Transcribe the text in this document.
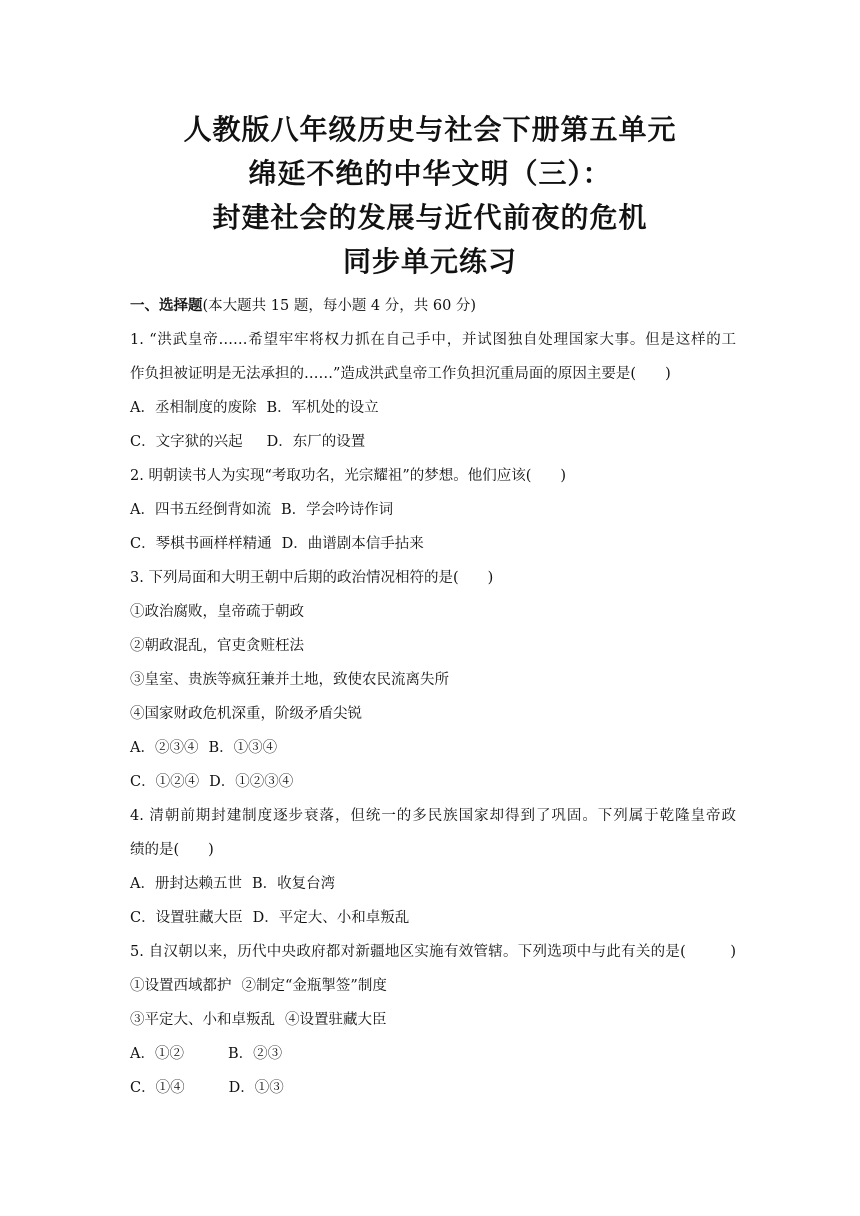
人教版八年级历史与社会下册第五单元
绵延不绝的中华文明（三）：
封建社会的发展与近代前夜的危机
同步单元练习
一、选择题(本大题共 15 题，每小题 4 分，共 60 分)
1. “洪武皇帝……希望牢牢将权力抓在自己手中，并试图独自处理国家大事。但是这样的工
作负担被证明是无法承担的……”造成洪武皇帝工作负担沉重局面的原因主要是(　　)
A．丞相制度的废除 B．军机处的设立
C．文字狱的兴起 D．东厂的设置
2. 明朝读书人为实现“考取功名，光宗耀祖”的梦想。他们应该(　　)
A．四书五经倒背如流 B．学会吟诗作词
C．琴棋书画样样精通 D．曲谱剧本信手拈来
3. 下列局面和大明王朝中后期的政治情况相符的是(　　)
①政治腐败，皇帝疏于朝政
②朝政混乱，官吏贪赃枉法
③皇室、贵族等疯狂兼并土地，致使农民流离失所
④国家财政危机深重，阶级矛盾尖锐
A．②③④ B．①③④
C．①②④ D．①②③④
4. 清朝前期封建制度逐步衰落，但统一的多民族国家却得到了巩固。下列属于乾隆皇帝政
绩的是(　　)
A．册封达赖五世 B．收复台湾
C．设置驻藏大臣 D．平定大、小和卓叛乱
5. 自汉朝以来，历代中央政府都对新疆地区实施有效管辖。下列选项中与此有关的是(　　　)
①设置西域都护 ②制定“金瓶掣签”制度
③平定大、小和卓叛乱 ④设置驻藏大臣
A．①②	B．②③
C．①④	D．①③
